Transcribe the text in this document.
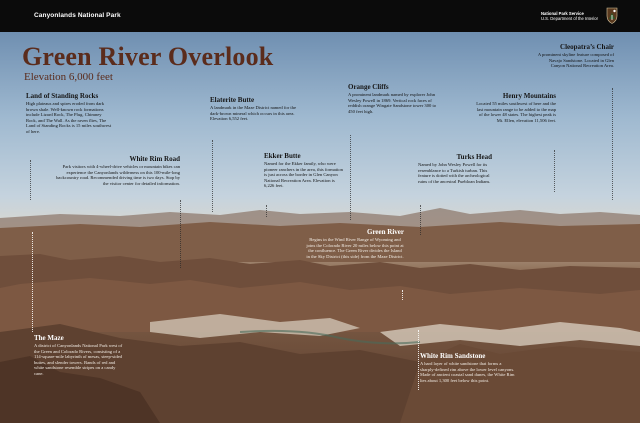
Canyonlands National Park	National Park Service
U.S. Department of the Interior
Green River Overlook
Elevation 6,000 feet
Land of Standing Rocks
High plateaus and spires eroded from dark brown shale. Well-known rock formations include Lizard Rock, The Plug, Chimney Rock, and The Wall. As the raven flies, The Land of Standing Rocks is 15 miles southwest of here.
White Rim Road
Park visitors with 4-wheel-drive vehicles or mountain bikes can experience the Canyonlands wilderness on this 100-mile-long backcountry road. Recommended driving time is two days. Stop by the visitor center for detailed information.
Elaterite Butte
A landmark in the Maze District named for the dark-brown mineral which occurs in this area. Elevation 6,552 feet.
Ekker Butte
Named for the Ekker family, who were pioneer ranchers in the area, this formation is just across the border in Glen Canyon National Recreation Area. Elevation is 6,226 feet.
Orange Cliffs
A prominent landmark named by explorer John Wesley Powell in 1869. Vertical rock faces of reddish orange Wingate Sandstone tower 300 to 450 feet high.
Turks Head
Named by John Wesley Powell for its resemblance to a Turkish turban. This feature is dotted with the archeological ruins of the ancestral Puebloan Indians.
Henry Mountains
Located 55 miles southwest of here and the last mountain range to be added to the map of the lower 48 states. The highest peak is Mt. Ellen, elevation 11,506 feet.
Cleopatra’s Chair
A prominent skyline feature composed of Navajo Sandstone. Located in Glen Canyon National Recreation Area.
Green River
Begins in the Wind River Range of Wyoming and joins the Colorado River 20 miles below this point at the confluence. The Green River divides the Island in the Sky District (this side) from the Maze District.
The Maze
A district of Canyonlands National Park west of the Green and Colorado Rivers, consisting of a 114-square-mile labyrinth of mesas, steep-sided buttes, and slender towers. Bands of red and white sandstone resemble stripes on a candy cane.
White Rim Sandstone
A hard layer of white sandstone that forms a sharply-defined rim above the lower level canyons. Made of ancient coastal sand dunes, the White Rim lies about 1,300 feet below this point.
